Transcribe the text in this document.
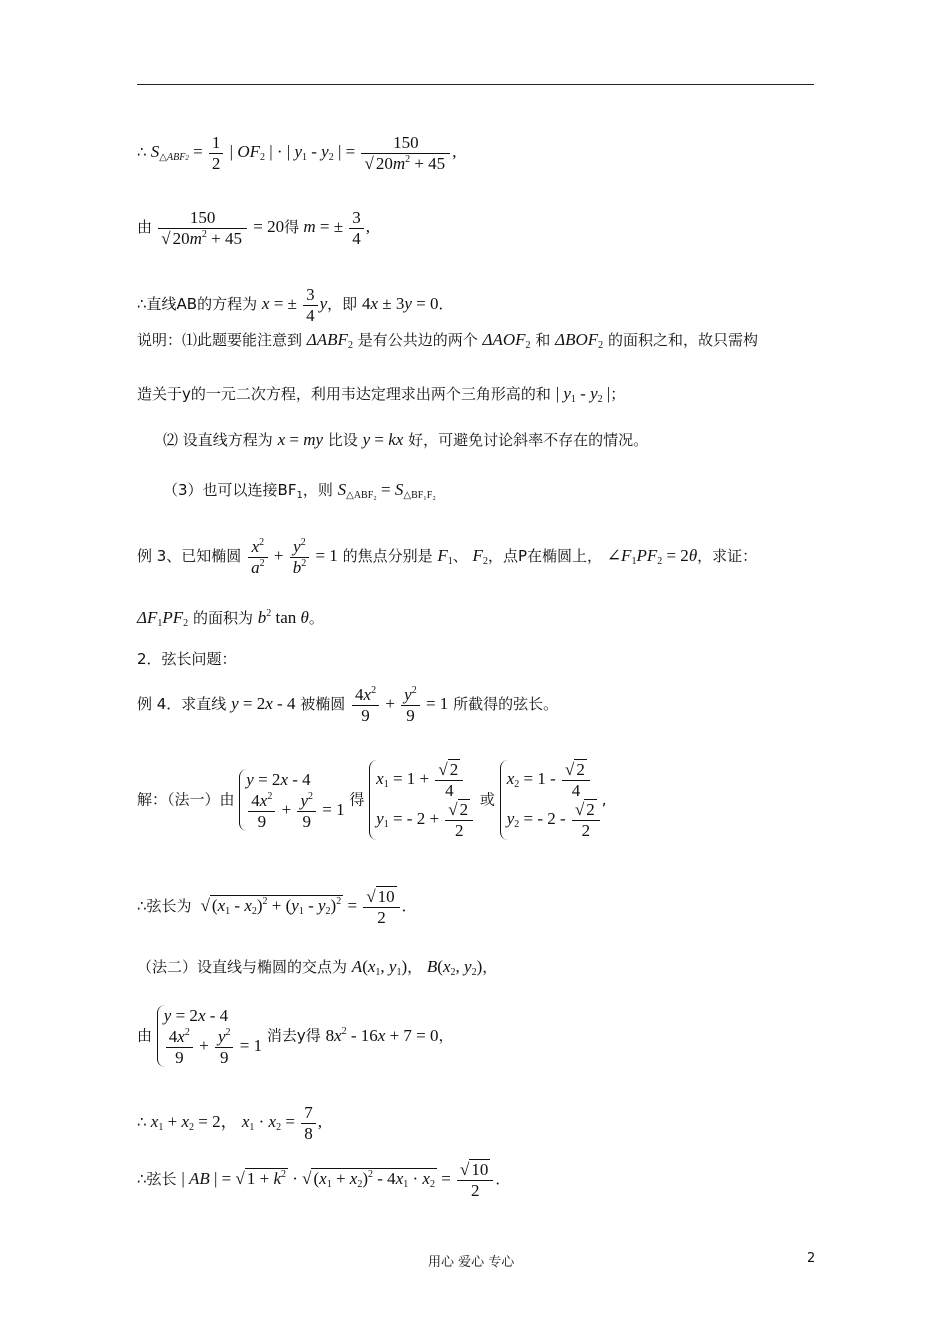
∴ $S_{\triangle ABF2} = \frac{1}{2}$ | $OF_2$ | · | $y_1 - y_2$ | = $\frac{150}{√ 20m^2 + 45}$ ,
由 $\frac{150}{√ 20m^2 + 45} = 20$得 m = ± $\frac{3}{4}$ ,
∴直线AB的方程为 x = ± $\frac{3}{4}$ y，即 4x ± 3y = 0．
说明：⑴此题要能注意到 $\Delta ABF_2$ 是有公共边的两个 $\Delta AOF_2$ 和 $\Delta BOF_2$ 的面积之和，故只需构
造关于y的一元二次方程，利用韦达定理求出两个三角形高的和 | $y_1 - y_2$ |；
⑵ 设直线方程为 x = my 比设 y = kx 好，可避免讨论斜率不存在的情况。
（3）也可以连接$BF_1$，则 $S_{\triangle ABF_2} = S_{\triangle BF_1F_2}$
例 3、已知椭圆 $\frac{x^2}{a^2} + \frac{y^2}{b^2} = 1$ 的焦点分别是 $F_1$、 $F_2$，点P在椭圆上， $\angle F_1PF_2 = 2\theta$，求证：
$\Delta F_1PF_2$ 的面积为 $b^2$ tan θ。
2．弦长问题：
例 4．求直线 y = 2x - 4 被椭圆 $\frac{4x^2}{9} + \frac{y^2}{9} = 1$ 所截得的弦长。
解：（法一）由
y = 2x - 4
$\frac{4x^2}{9} + \frac{y^2}{9} = 1$
得
$x_1 = 1 + \frac{√ 2}{4}$
$y_1$ = - $2 + \frac{√ 2}{2}$
或
$x_2 = 1 - \frac{√ 2}{4}$
$y_2$ = - $2 - \frac{√ 2}{2}$
,
∴弦长为  √ $(x_1 - x_2)^2 + (y_1 - y_2)^2 = \frac{√ 10}{2}$ ．
（法二）设直线与椭圆的交点为 $A(x_1$, $y_1$)， $B(x_2$, $y_2$)，
由
y = 2x - 4
$\frac{4x^2}{9} + \frac{y^2}{9} = 1$
消去y得 $8x^2 - 16x + 7 = 0$，
∴ $x_1 + x_2 = 2$， $x_1 \cdot x_2 = \frac{7}{8}$ ,
∴弦长 | AB | = √ $1 + k^2$ · √ $(x_1 + x_2)^2 - 4x_1 \cdot x_2 = \frac{√ 10}{2}$ ．
用心 爱心 专心	2
